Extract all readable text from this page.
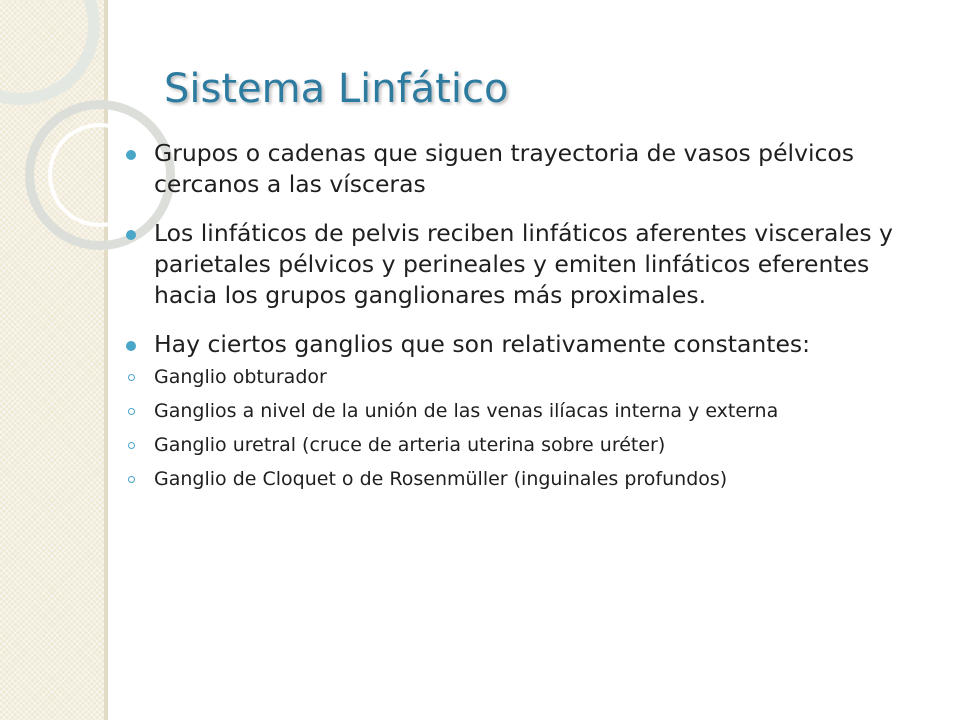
Sistema Linfático
Grupos o cadenas que siguen trayectoria de vasos pélvicos cercanos a las vísceras
Los linfáticos de pelvis reciben linfáticos aferentes viscerales y parietales pélvicos y perineales y emiten linfáticos eferentes hacia los grupos ganglionares más proximales.
Hay ciertos ganglios que son relativamente constantes:
Ganglio obturador
Ganglios a nivel de la unión de las venas ilíacas interna y externa
Ganglio uretral (cruce de arteria uterina sobre uréter)
Ganglio de Cloquet o de Rosenmüller (inguinales profundos)
